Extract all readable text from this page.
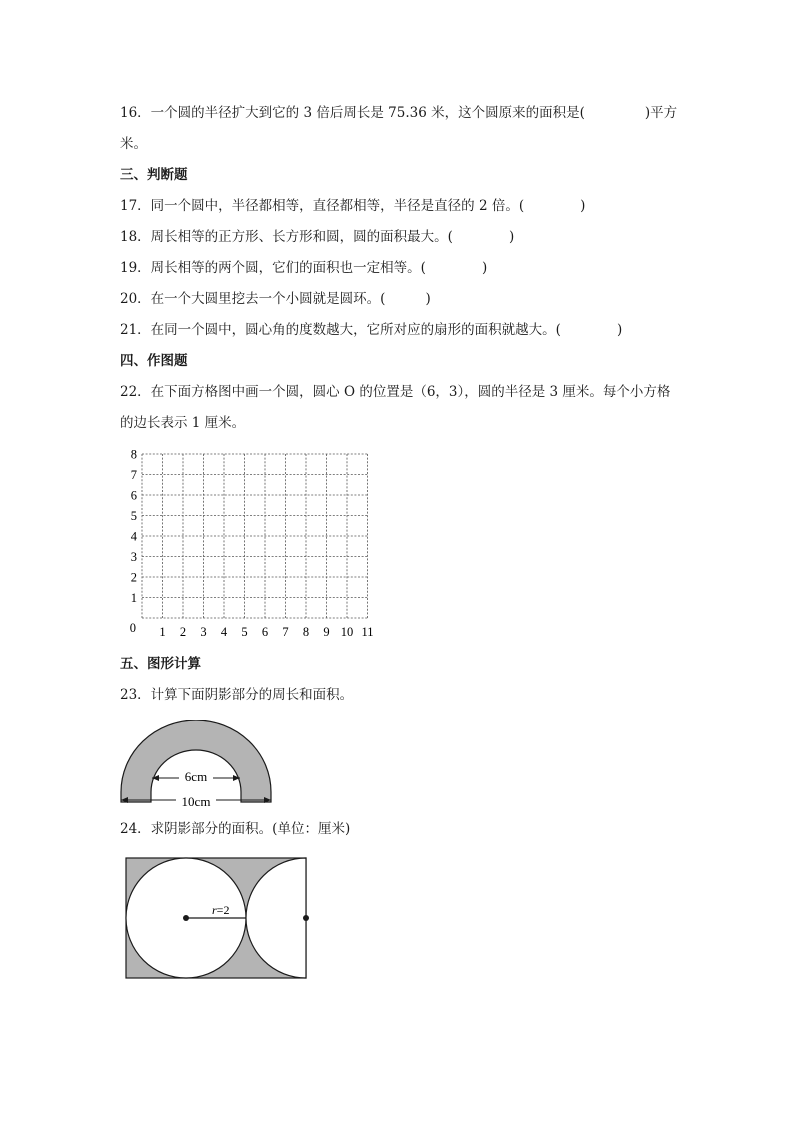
16．一个圆的半径扩大到它的 3 倍后周长是 75.36 米，这个圆原来的面积是(	)平方
米。
三、判断题
17．同一个圆中，半径都相等，直径都相等，半径是直径的 2 倍。(	)
18．周长相等的正方形、长方形和圆，圆的面积最大。(	)
19．周长相等的两个圆，它们的面积也一定相等。(	)
20．在一个大圆里挖去一个小圆就是圆环。(	)
21．在同一个圆中，圆心角的度数越大，它所对应的扇形的面积就越大。(	)
四、作图题
22．在下面方格图中画一个圆，圆心 O 的位置是（6，3），圆的半径是 3 厘米。每个小方格
的边长表示 1 厘米。
8
7
6
5
4
3
2
1
0 1 2 3 4 5 6 7 8 9 10 11
五、图形计算
23．计算下面阴影部分的周长和面积。
6cm
10cm
24．求阴影部分的面积。(单位：厘米)
r=2
